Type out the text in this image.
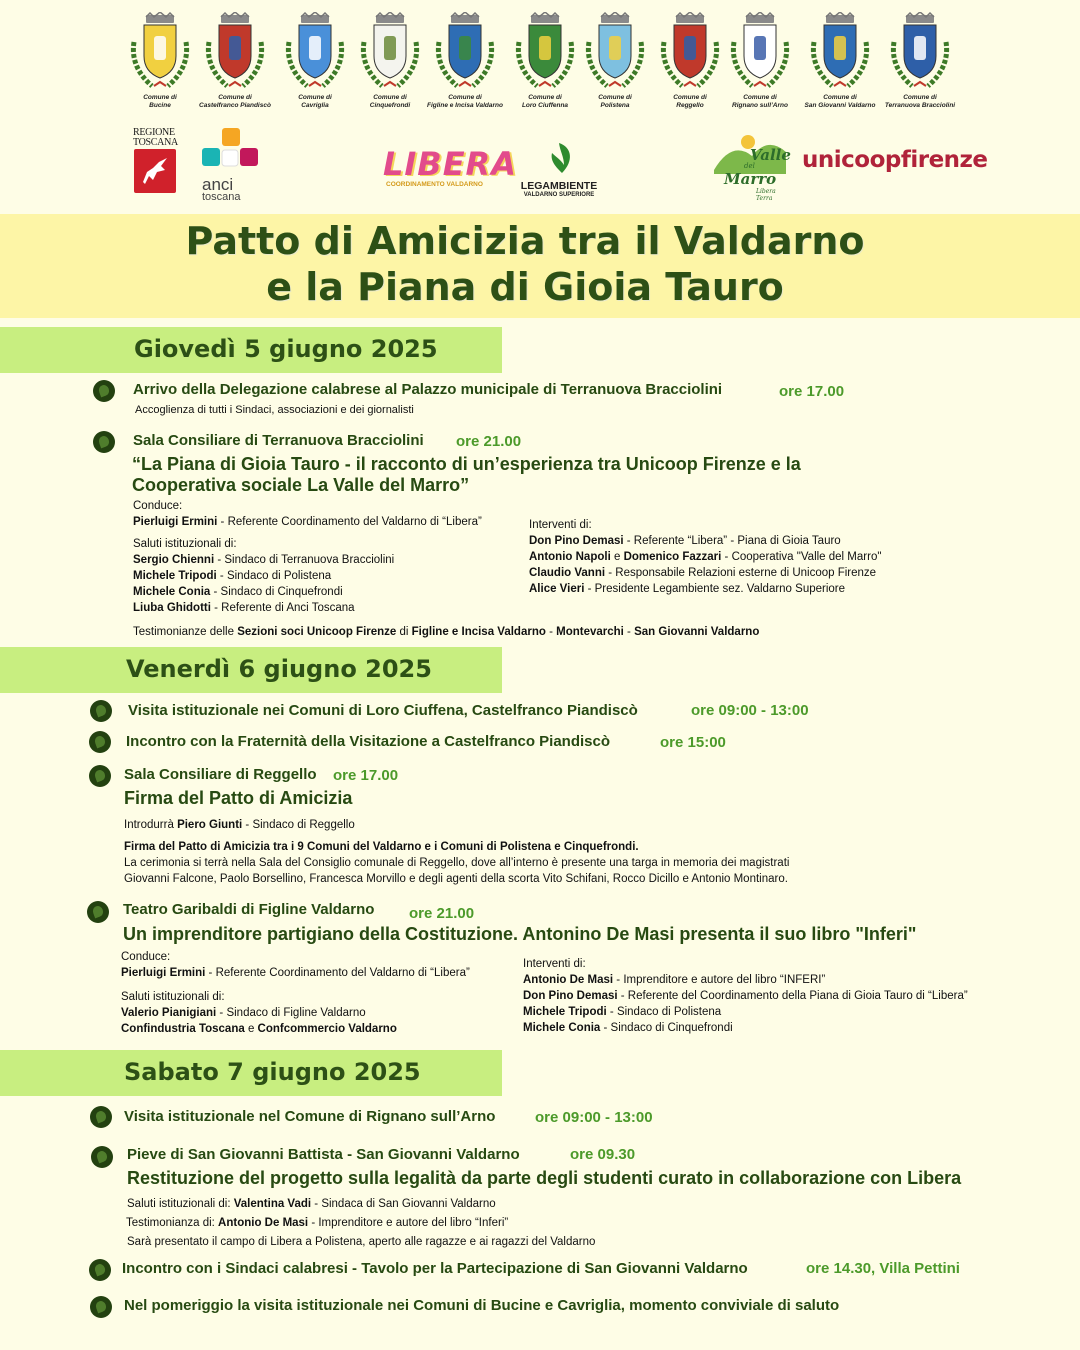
Comune di
Bucine
Comune di
Castelfranco Piandiscò
Comune di
Cavriglia
Comune di
Cinquefrondi
Comune di
Figline e Incisa Valdarno
Comune di
Loro Ciuffenna
Comune di
Polistena
Comune di
Reggello
Comune di
Rignano sull’Arno
Comune di
San Giovanni Valdarno
Comune di
Terranuova Bracciolini
REGIONE
TOSCANA
anci
toscana
LIBERA
COORDINAMENTO VALDARNO	LEGAMBIENTE
VALDARNO SUPERIORE
Valle
del
Marro
Libera Terra
unicoopfirenze
Patto di Amicizia tra il Valdarno
e la Piana di Gioia Tauro
Giovedì 5 giugno 2025
Arrivo della Delegazione calabrese al Palazzo municipale di Terranuova Bracciolini	ore 17.00
Accoglienza di tutti i Sindaci, associazioni e dei giornalisti
Sala Consiliare di Terranuova Bracciolini ore 21.00
“La Piana di Gioia Tauro - il racconto di un’esperienza tra Unicoop Firenze e la
Cooperativa sociale La Valle del Marro”
Conduce:
Pierluigi Ermini - Referente Coordinamento del Valdarno di “Libera”
Saluti istituzionali di:
Sergio Chienni - Sindaco di Terranuova Bracciolini
Michele Tripodi - Sindaco di Polistena
Michele Conia - Sindaco di Cinquefrondi
Liuba Ghidotti - Referente di Anci Toscana
Interventi di:
Don Pino Demasi - Referente “Libera” - Piana di Gioia Tauro
Antonio Napoli e Domenico Fazzari - Cooperativa "Valle del Marro"
Claudio Vanni - Responsabile Relazioni esterne di Unicoop Firenze
Alice Vieri - Presidente Legambiente sez. Valdarno Superiore
Testimonianze delle Sezioni soci Unicoop Firenze di Figline e Incisa Valdarno - Montevarchi - San Giovanni Valdarno
Venerdì 6 giugno 2025
Visita istituzionale nei Comuni di Loro Ciuffena, Castelfranco Piandiscò	ore 09:00 - 13:00
Incontro con la Fraternità della Visitazione a Castelfranco Piandiscò	ore 15:00
Sala Consiliare di Reggello ore 17.00
Firma del Patto di Amicizia
Introdurrà Piero Giunti - Sindaco di Reggello
Firma del Patto di Amicizia tra i 9 Comuni del Valdarno e i Comuni di Polistena e Cinquefrondi.
La cerimonia si terrà nella Sala del Consiglio comunale di Reggello, dove all’interno è presente una targa in memoria dei magistrati
Giovanni Falcone, Paolo Borsellino, Francesca Morvillo e degli agenti della scorta Vito Schifani, Rocco Dicillo e Antonio Montinaro.
Teatro Garibaldi di Figline Valdarno ore 21.00
Un imprenditore partigiano della Costituzione. Antonino De Masi presenta il suo libro "Inferi"
Conduce:
Pierluigi Ermini - Referente Coordinamento del Valdarno di “Libera”
Saluti istituzionali di:
Valerio Pianigiani - Sindaco di Figline Valdarno
Confindustria Toscana e Confcommercio Valdarno
Interventi di:
Antonio De Masi - Imprenditore e autore del libro “INFERI”
Don Pino Demasi - Referente del Coordinamento della Piana di Gioia Tauro di “Libera”
Michele Tripodi - Sindaco di Polistena
Michele Conia - Sindaco di Cinquefrondi
Sabato 7 giugno 2025
Visita istituzionale nel Comune di Rignano sull’Arno	ore 09:00 - 13:00
Pieve di San Giovanni Battista - San Giovanni Valdarno	ore 09.30
Restituzione del progetto sulla legalità da parte degli studenti curato in collaborazione con Libera
Saluti istituzionali di: Valentina Vadi - Sindaca di San Giovanni Valdarno
Testimonianza di: Antonio De Masi - Imprenditore e autore del libro “Inferi”
Sarà presentato il campo di Libera a Polistena, aperto alle ragazze e ai ragazzi del Valdarno
Incontro con i Sindaci calabresi - Tavolo per la Partecipazione di San Giovanni Valdarno	ore 14.30, Villa Pettini
Nel pomeriggio la visita istituzionale nei Comuni di Bucine e Cavriglia, momento conviviale di saluto
